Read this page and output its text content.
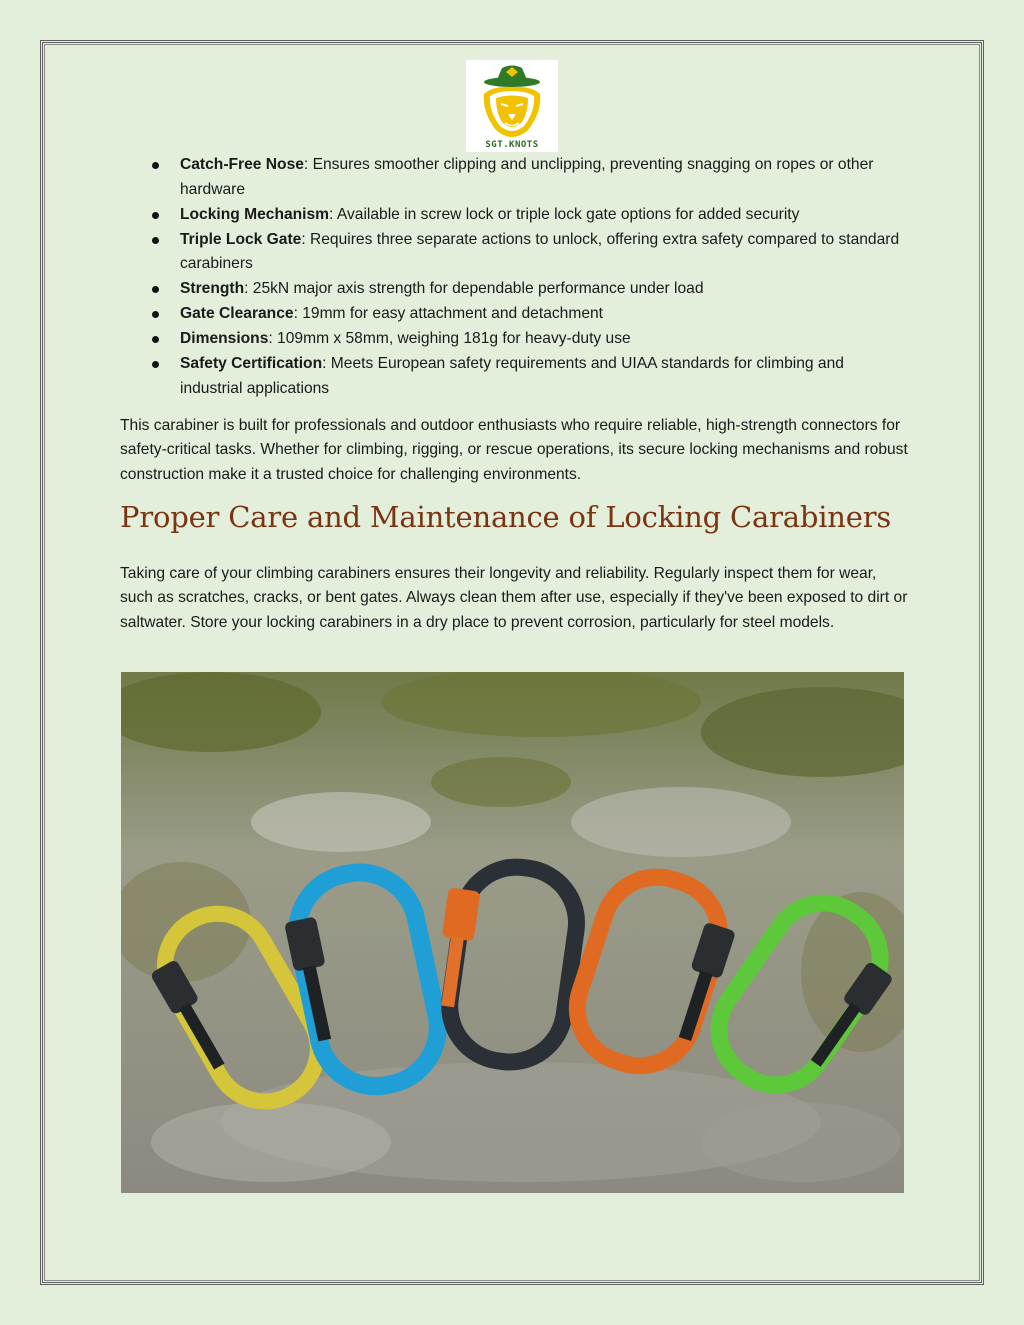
SGT.KNOTS
Catch-Free Nose: Ensures smoother clipping and unclipping, preventing snagging on ropes or other hardware
Locking Mechanism: Available in screw lock or triple lock gate options for added security
Triple Lock Gate: Requires three separate actions to unlock, offering extra safety compared to standard carabiners
Strength: 25kN major axis strength for dependable performance under load
Gate Clearance: 19mm for easy attachment and detachment
Dimensions: 109mm x 58mm, weighing 181g for heavy-duty use
Safety Certification: Meets European safety requirements and UIAA standards for climbing and industrial applications

This carabiner is built for professionals and outdoor enthusiasts who require reliable, high-strength connectors for safety-critical tasks. Whether for climbing, rigging, or rescue operations, its secure locking mechanisms and robust construction make it a trusted choice for challenging environments.

Proper Care and Maintenance of Locking Carabiners

Taking care of your climbing carabiners ensures their longevity and reliability. Regularly inspect them for wear, such as scratches, cracks, or bent gates. Always clean them after use, especially if they've been exposed to dirt or saltwater. Store your locking carabiners in a dry place to prevent corrosion, particularly for steel models.
